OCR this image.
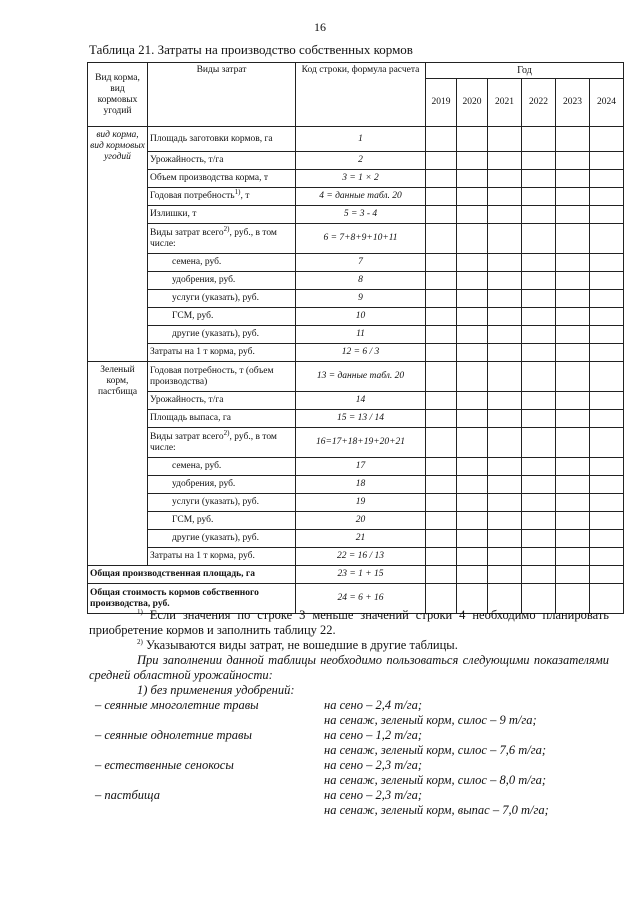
16
Таблица 21. Затраты на производство собственных кормов
Вид корма, вид кормовых угодий	Виды затрат	Код строки, формула расчета	Год					
			2019	2020	2021	2022	2023	2024
вид корма, вид кормовых угодий	Площадь заготовки кормов, га	1						
	Урожайность, т/га	2						
	Объем производства корма, т	3 = 1 × 2						
	Годовая потребность$^{1)}$, т	4 = данные табл. 20						
	Излишки, т	5 = 3 - 4						
	Виды затрат всего$^{2)}$, руб., в том числе:	6 = 7+8+9+10+11						
	семена, руб.	7						
	удобрения, руб.	8						
	услуги (указать), руб.	9						
	ГСМ, руб.	10						
	другие (указать), руб.	11						
	Затраты на 1 т корма, руб.	12 = 6 / 3						
Зеленый корм, пастбища	Годовая потребность, т (объем производства)	13 = данные табл. 20						
	Урожайность, т/га	14						
	Площадь выпаса, га	15 = 13 / 14						
	Виды затрат всего$^{2)}$, руб., в том числе:	16=17+18+19+20+21						
	семена, руб.	17						
	удобрения, руб.	18						
	услуги (указать), руб.	19						
	ГСМ, руб.	20						
	другие (указать), руб.	21						
	Затраты на 1 т корма, руб.	22 = 16 / 13						
Общая производственная площадь, га		23 = 1 + 15						
Общая стоимость кормов собственного производства, руб.		24 = 6 + 16						

$^{1)}$ Если значения по строке 3 меньше значений строки 4 необходимо планировать приобретение кормов и заполнить таблицу 22.

$^{2)}$ Указываются виды затрат, не вошедшие в другие таблицы.

При заполнении данной таблицы необходимо пользоваться следующими показателями средней областной урожайности:

1) без применения удобрений:

– сеянные многолетние травы	на сено – 2,4 т/га;
на сенаж, зеленый корм, силос – 9 т/га;
– сеянные однолетние травы	на сено – 1,2 т/га;
на сенаж, зеленый корм, силос – 7,6 т/га;
– естественные сенокосы	на сено – 2,3 т/га;
на сенаж, зеленый корм, силос – 8,0 т/га;
– пастбища	на сено – 2,3 т/га;
на сенаж, зеленый корм, выпас – 7,0 т/га;
